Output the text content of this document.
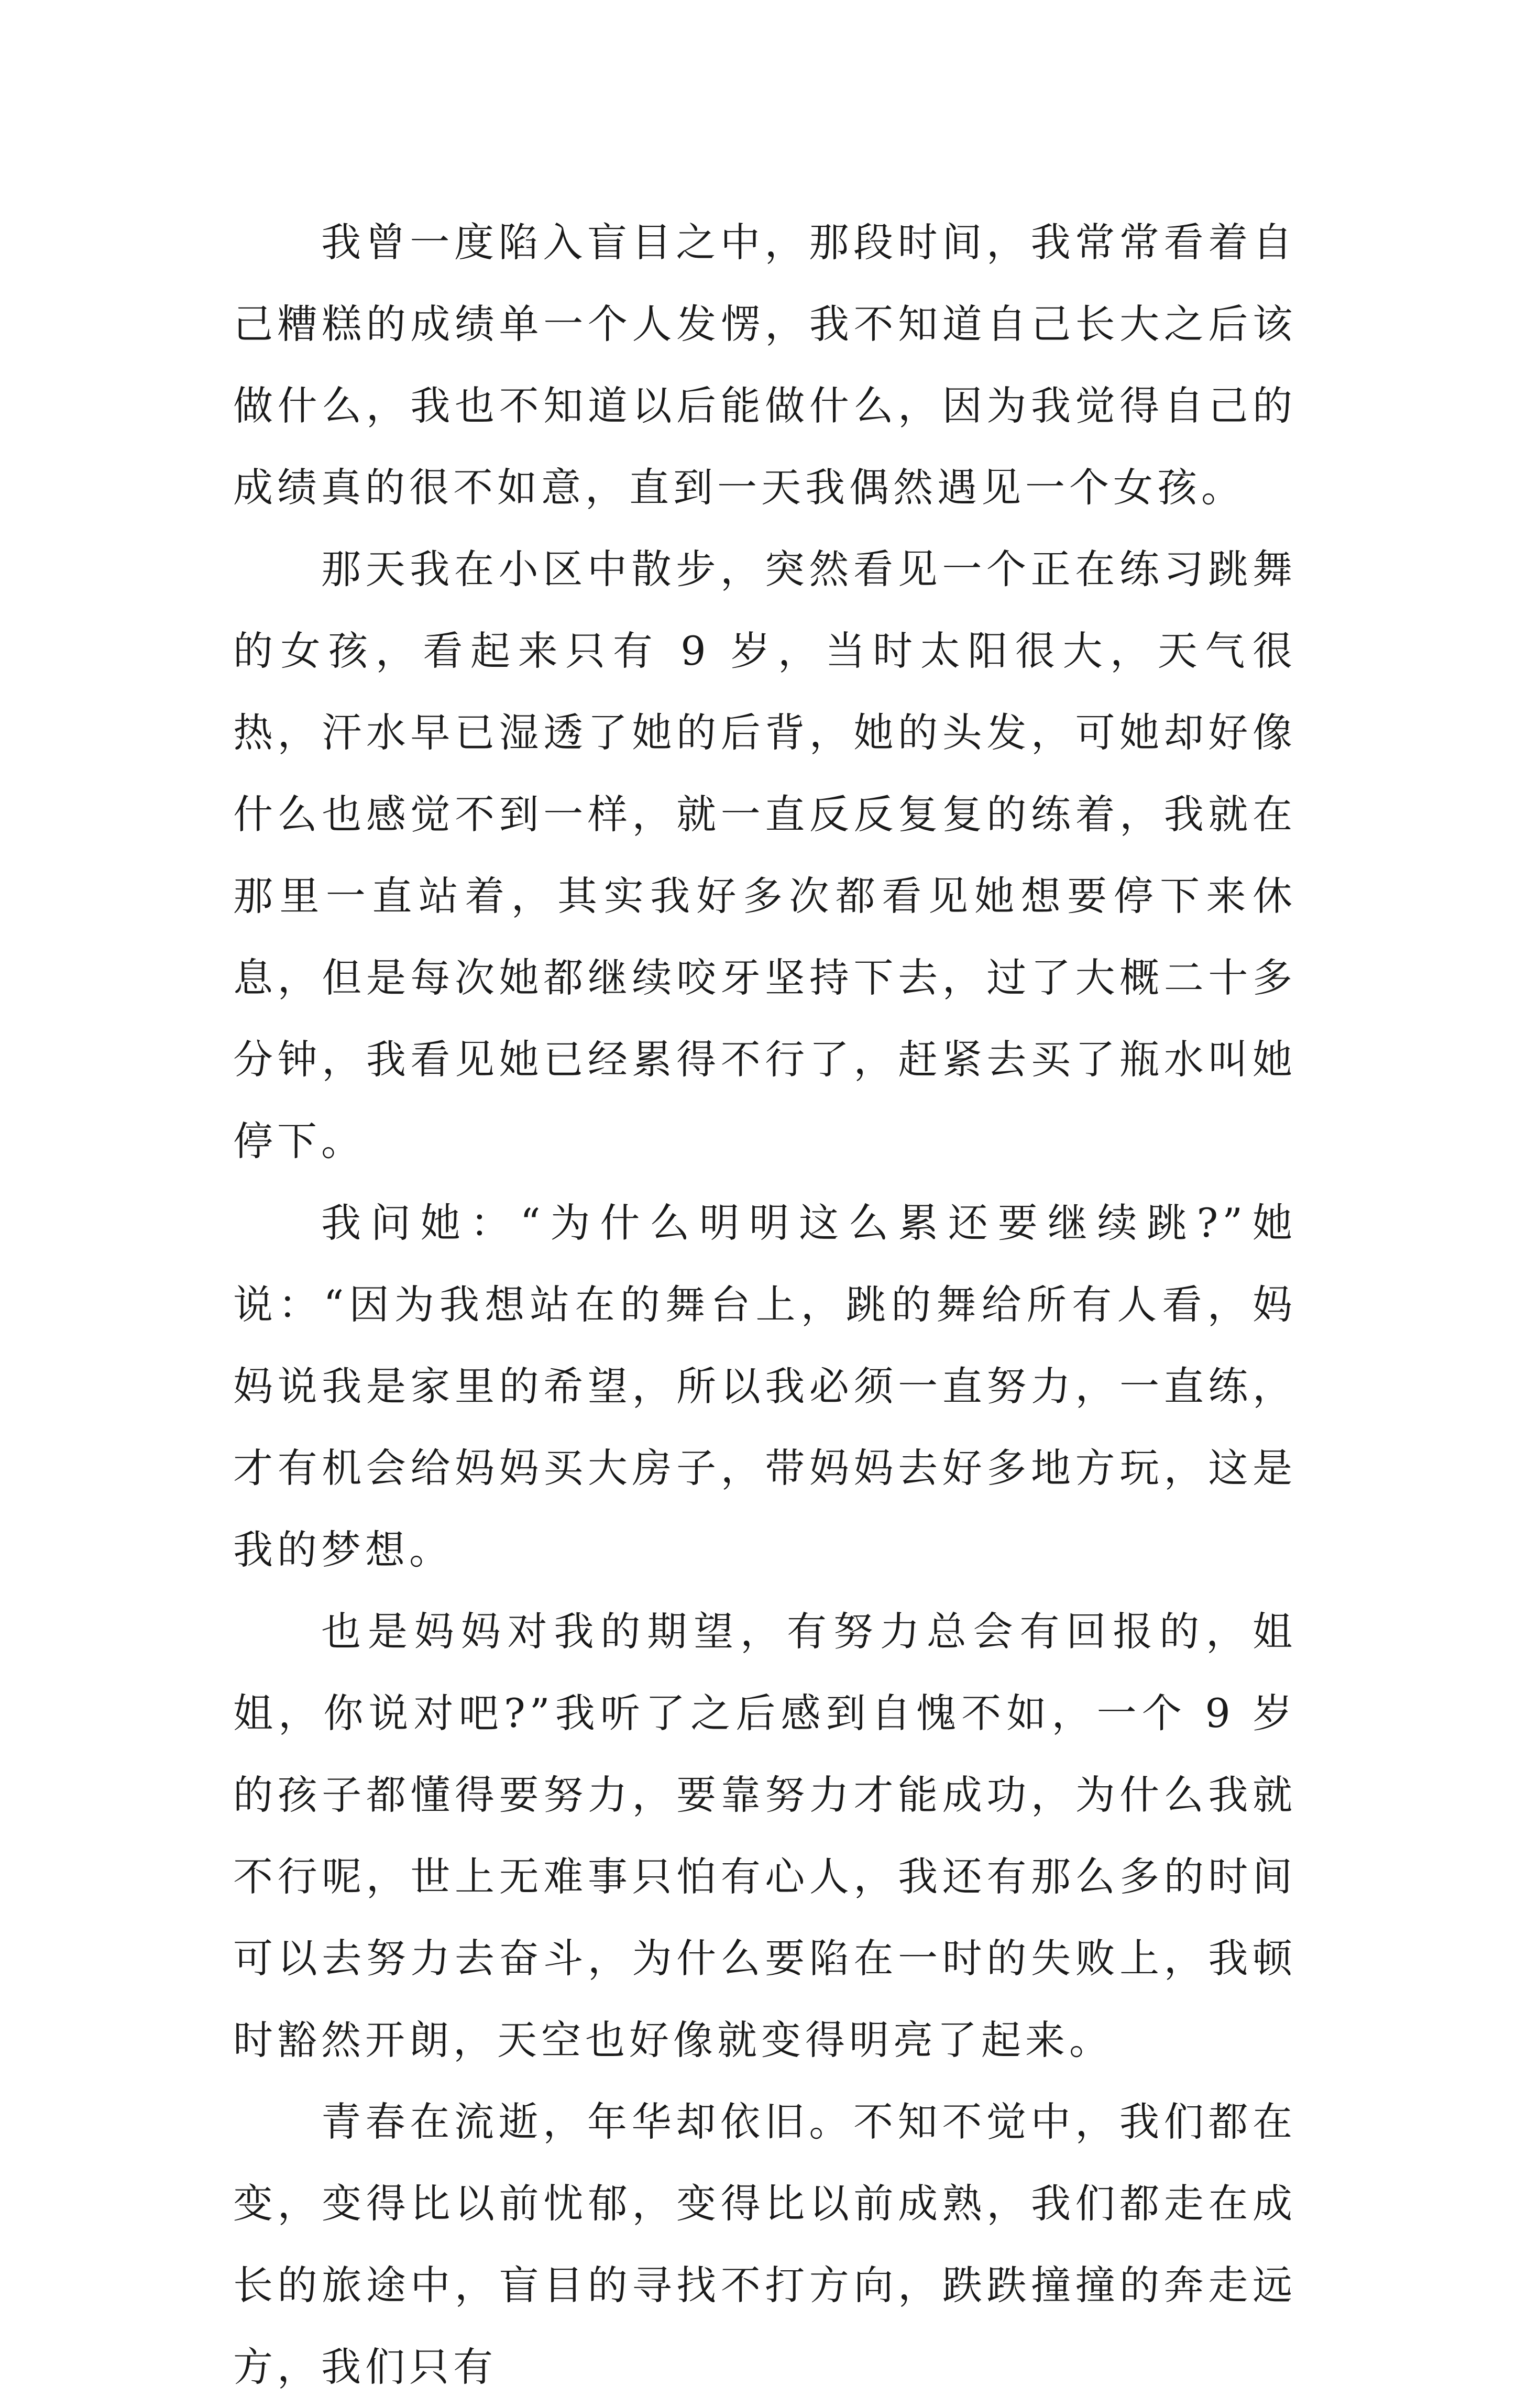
我曾一度陷入盲目之中，那段时间，我常常看着自己糟糕的成绩单一个人发愣，我不知道自己长大之后该做什么，我也不知道以后能做什么，因为我觉得自己的成绩真的很不如意，直到一天我偶然遇见一个女孩。

那天我在小区中散步，突然看见一个正在练习跳舞的女孩，看起来只有 9 岁，当时太阳很大，天气很热，汗水早已湿透了她的后背，她的头发，可她却好像什么也感觉不到一样，就一直反反复复的练着，我就在那里一直站着，其实我好多次都看见她想要停下来休息，但是每次她都继续咬牙坚持下去，过了大概二十多分钟，我看见她已经累得不行了，赶紧去买了瓶水叫她停下。

我问她：“为什么明明这么累还要继续跳?”她说：“因为我想站在的舞台上，跳的舞给所有人看，妈妈说我是家里的希望，所以我必须一直努力，一直练，才有机会给妈妈买大房子，带妈妈去好多地方玩，这是我的梦想。

也是妈妈对我的期望，有努力总会有回报的，姐姐，你说对吧?”我听了之后感到自愧不如，一个 9 岁的孩子都懂得要努力，要靠努力才能成功，为什么我就不行呢，世上无难事只怕有心人，我还有那么多的时间可以去努力去奋斗，为什么要陷在一时的失败上，我顿时豁然开朗，天空也好像就变得明亮了起来。

青春在流逝，年华却依旧。不知不觉中，我们都在变，变得比以前忧郁，变得比以前成熟，我们都走在成长的旅途中，盲目的寻找不打方向，跌跌撞撞的奔走远方，我们只有
